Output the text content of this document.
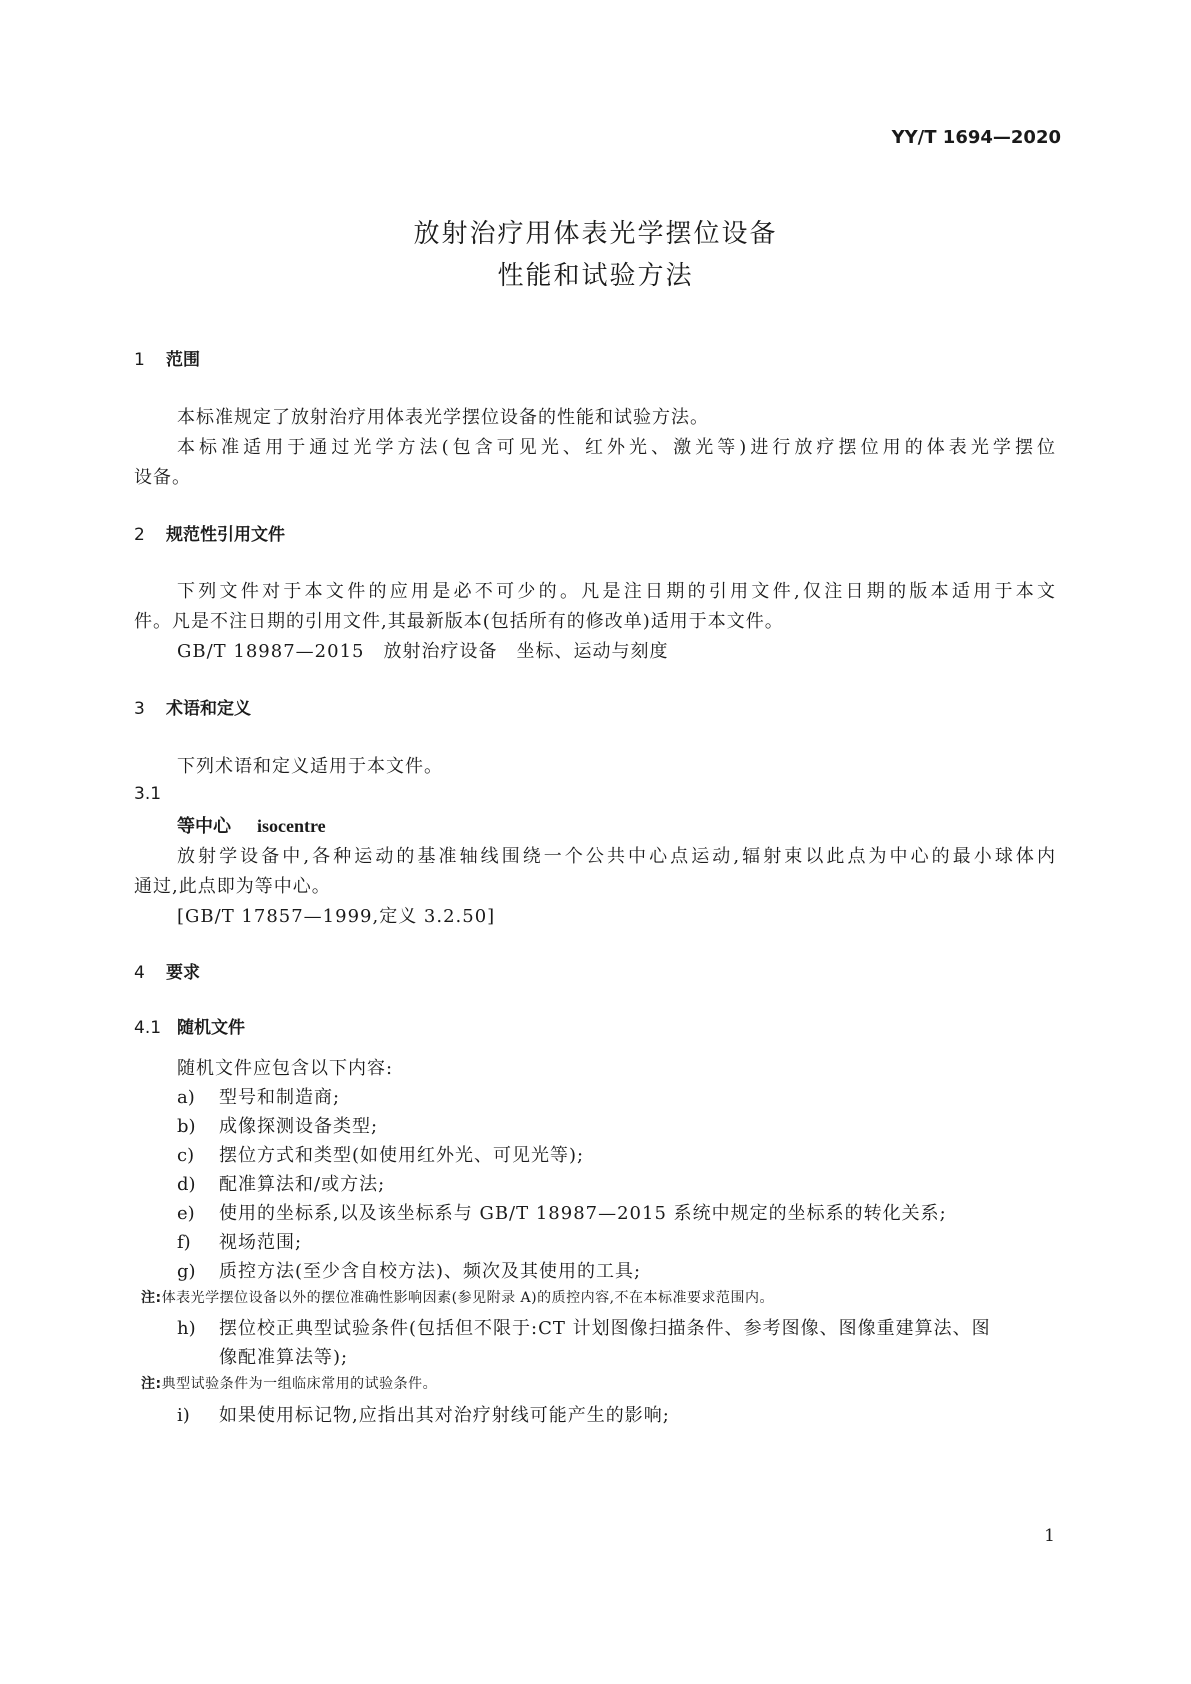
YY/T 1694—2020
放射治疗用体表光学摆位设备
性能和试验方法
1 范围
本标准规定了放射治疗用体表光学摆位设备的性能和试验方法。
本标准适用于通过光学方法(包含可见光、红外光、激光等)进行放疗摆位用的体表光学摆位
设备。
2 规范性引用文件
下列文件对于本文件的应用是必不可少的。凡是注日期的引用文件,仅注日期的版本适用于本文
件。凡是不注日期的引用文件,其最新版本(包括所有的修改单)适用于本文件。
GB/T 18987—2015　放射治疗设备　坐标、运动与刻度
3 术语和定义
下列术语和定义适用于本文件。
3.1
等中心 isocentre
放射学设备中,各种运动的基准轴线围绕一个公共中心点运动,辐射束以此点为中心的最小球体内
通过,此点即为等中心。
[GB/T 17857—1999,定义 3.2.50]
4 要求
4.1 随机文件
随机文件应包含以下内容:
a) 型号和制造商;
b) 成像探测设备类型;
c) 摆位方式和类型(如使用红外光、可见光等);
d) 配准算法和/或方法;
e) 使用的坐标系,以及该坐标系与 GB/T 18987—2015 系统中规定的坐标系的转化关系;
f) 视场范围;
g) 质控方法(至少含自校方法)、频次及其使用的工具;
注:体表光学摆位设备以外的摆位准确性影响因素(参见附录 A)的质控内容,不在本标准要求范围内。
h) 摆位校正典型试验条件(包括但不限于:CT 计划图像扫描条件、参考图像、图像重建算法、图
像配准算法等);
注:典型试验条件为一组临床常用的试验条件。
i) 如果使用标记物,应指出其对治疗射线可能产生的影响;
1
